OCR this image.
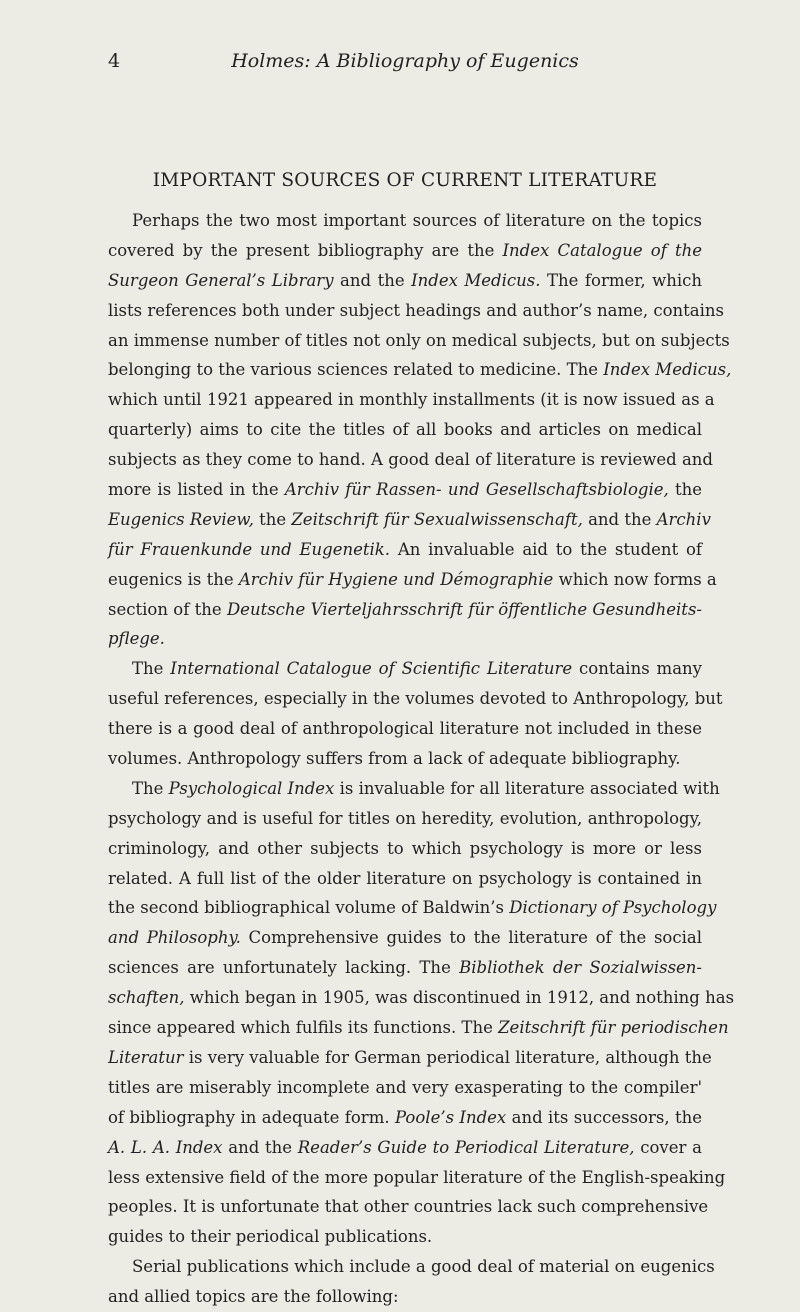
4	Holmes: A Bibliography of Eugenics
IMPORTANT SOURCES OF CURRENT LITERATURE
Perhaps the two most important sources of literature on the topics
covered by the present bibliography are the Index Catalogue of the
Surgeon General’s Library and the Index Medicus. The former, which
lists references both under subject headings and author’s name, contains
an immense number of titles not only on medical subjects, but on subjects
belonging to the various sciences related to medicine. The Index Medicus,
which until 1921 appeared in monthly installments (it is now issued as a
quarterly) aims to cite the titles of all books and articles on medical
subjects as they come to hand. A good deal of literature is reviewed and
more is listed in the Archiv für Rassen- und Gesellschaftsbiologie, the
Eugenics Review, the Zeitschrift für Sexualwissenschaft, and the Archiv
für Frauenkunde und Eugenetik. An invaluable aid to the student of
eugenics is the Archiv für Hygiene und Démographie which now forms a
section of the Deutsche Vierteljahrsschrift für öffentliche Gesundheits-
pflege.
The International Catalogue of Scientific Literature contains many
useful references, especially in the volumes devoted to Anthropology, but
there is a good deal of anthropological literature not included in these
volumes. Anthropology suffers from a lack of adequate bibliography.
The Psychological Index is invaluable for all literature associated with
psychology and is useful for titles on heredity, evolution, anthropology,
criminology, and other subjects to which psychology is more or less
related. A full list of the older literature on psychology is contained in
the second bibliographical volume of Baldwin’s Dictionary of Psychology
and Philosophy. Comprehensive guides to the literature of the social
sciences are unfortunately lacking. The Bibliothek der Sozialwissen-
schaften, which began in 1905, was discontinued in 1912, and nothing has
since appeared which fulfils its functions. The Zeitschrift für periodischen
Literatur is very valuable for German periodical literature, although the
titles are miserably incomplete and very exasperating to the compiler'
of bibliography in adequate form. Poole’s Index and its successors, the
A. L. A. Index and the Reader’s Guide to Periodical Literature, cover a
less extensive field of the more popular literature of the English-speaking
peoples. It is unfortunate that other countries lack such comprehensive
guides to their periodical publications.
Serial publications which include a good deal of material on eugenics
and allied topics are the following:
